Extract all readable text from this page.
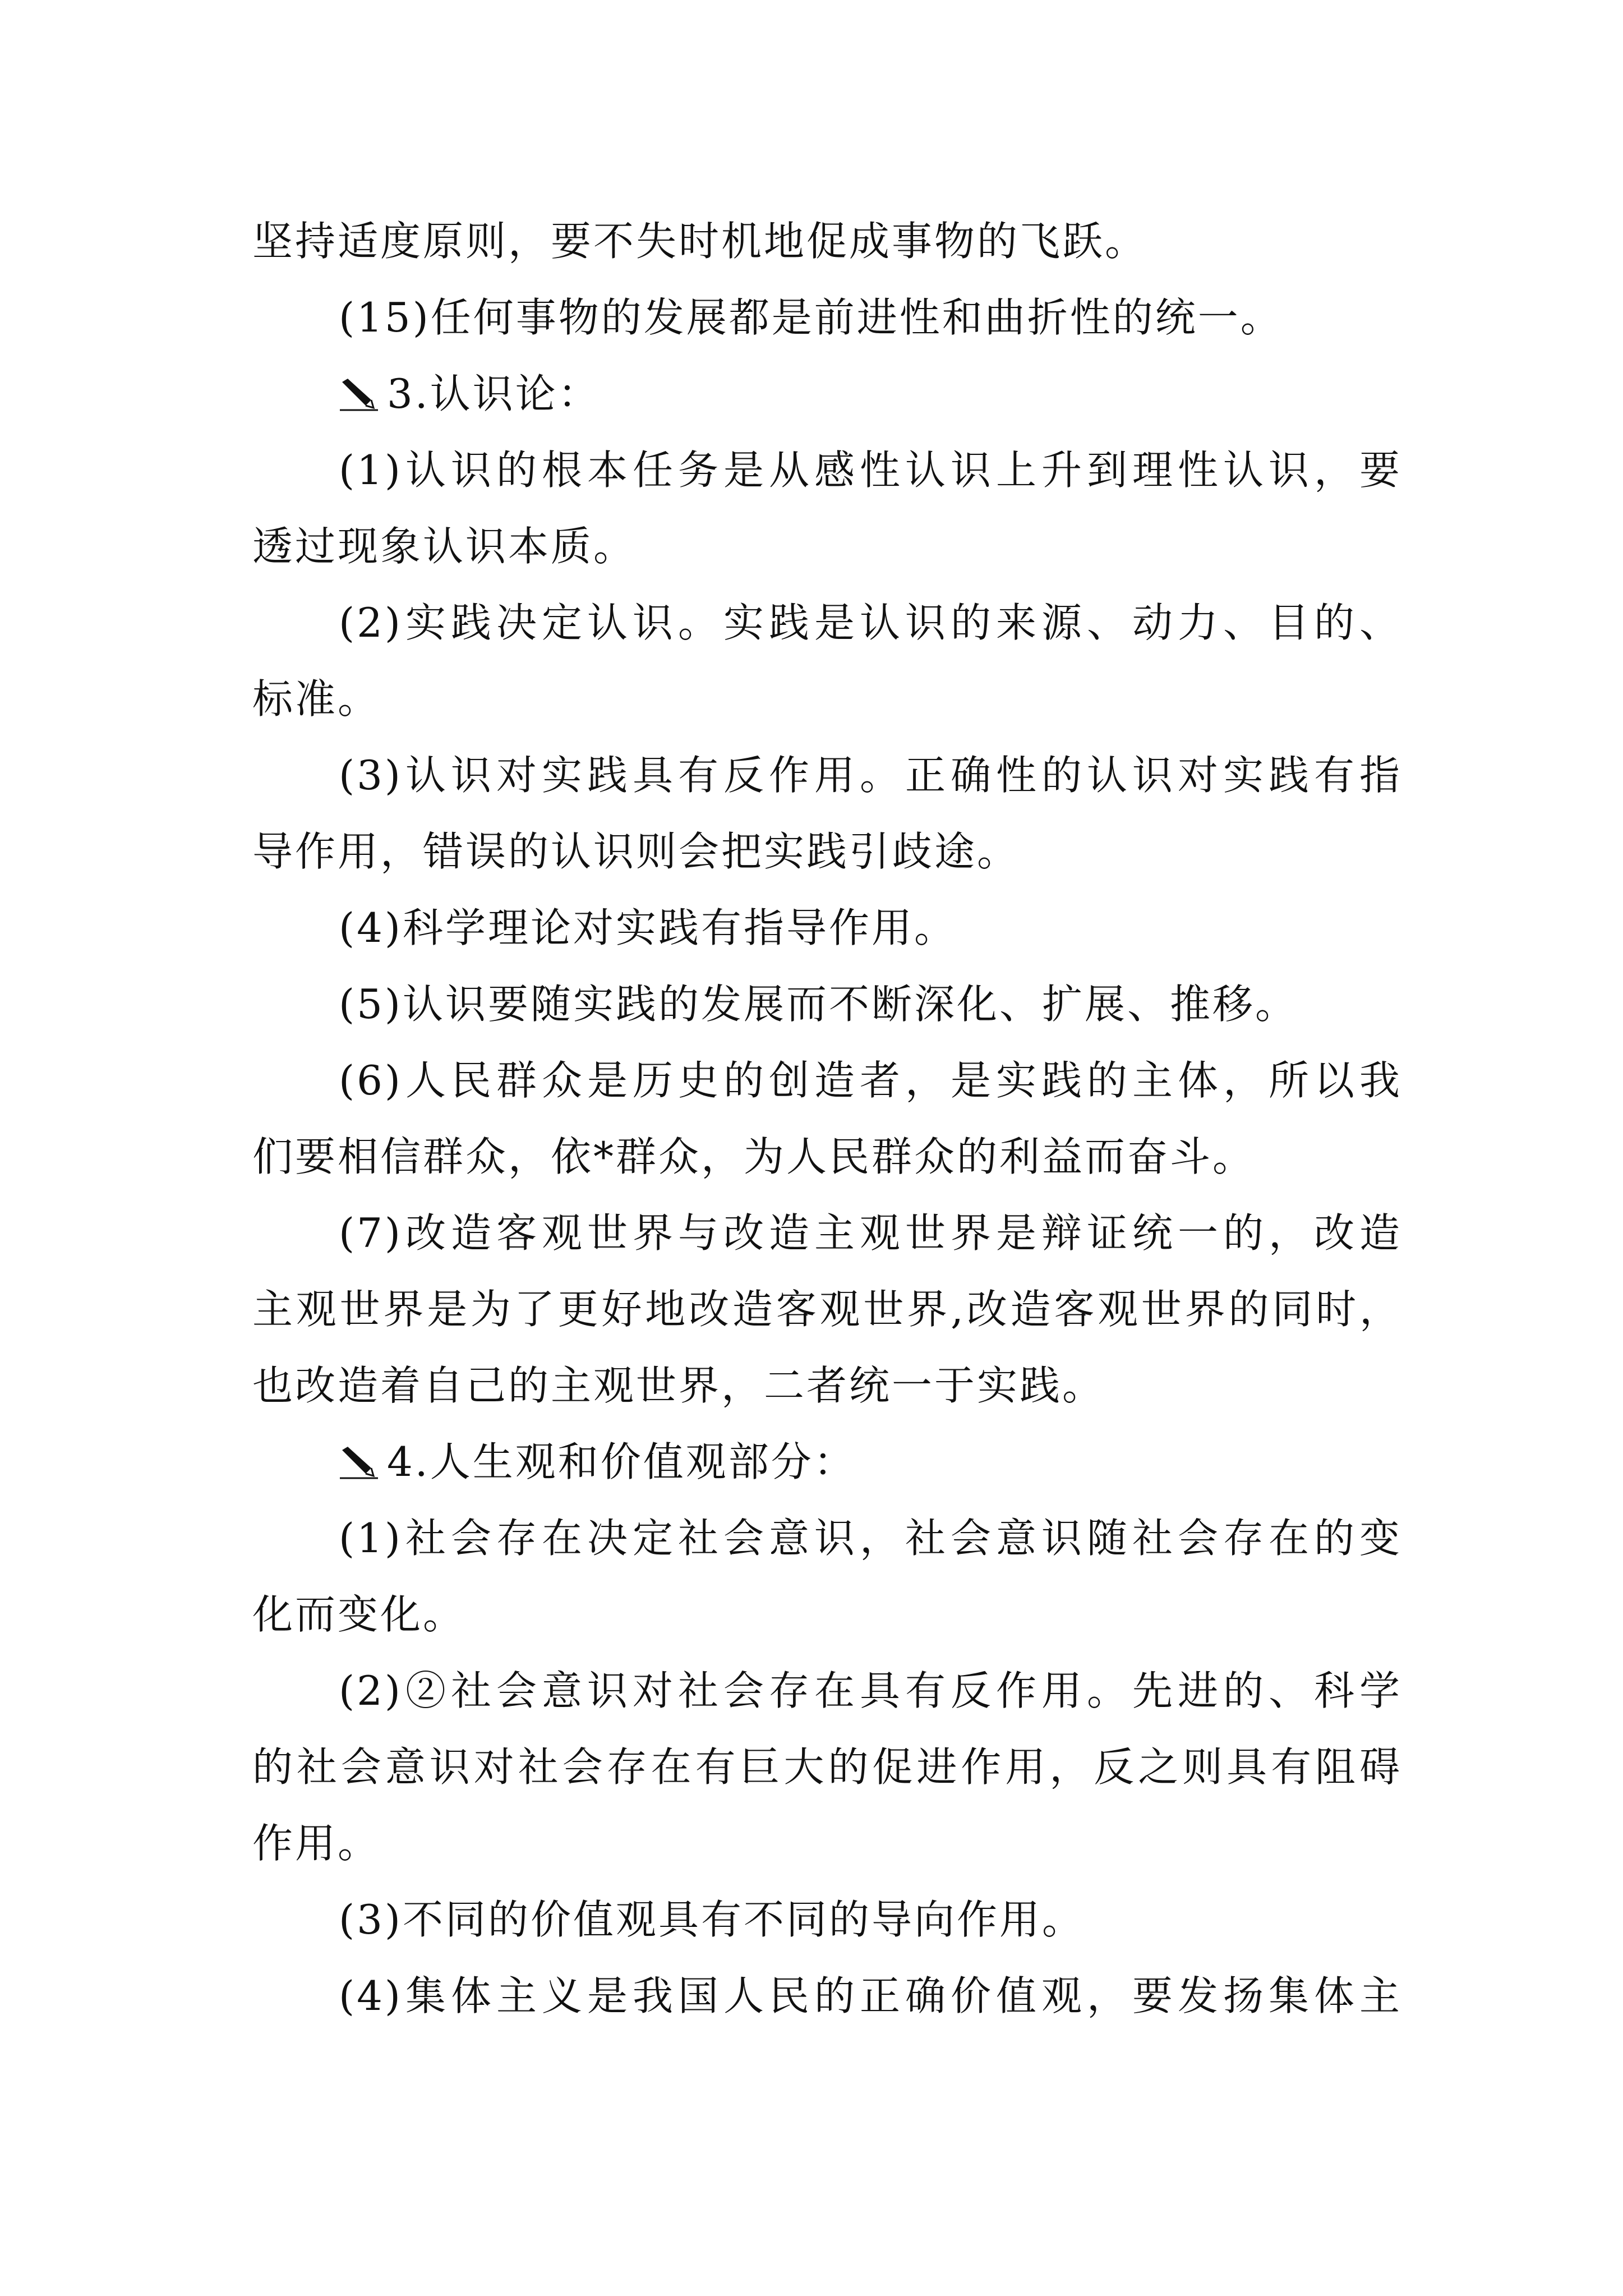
坚持适度原则，要不失时机地促成事物的飞跃。
(15)任何事物的发展都是前进性和曲折性的统一。
3.认识论：
(1)认识的根本任务是从感性认识上升到理性认识，要
透过现象认识本质。
(2)实践决定认识。实践是认识的来源、动力、目的、
标准。
(3)认识对实践具有反作用。正确性的认识对实践有指
导作用，错误的认识则会把实践引歧途。
(4)科学理论对实践有指导作用。
(5)认识要随实践的发展而不断深化、扩展、推移。
(6)人民群众是历史的创造者，是实践的主体，所以我
们要相信群众，依*群众，为人民群众的利益而奋斗。
(7)改造客观世界与改造主观世界是辩证统一的，改造
主观世界是为了更好地改造客观世界,改造客观世界的同时，
也改造着自己的主观世界，二者统一于实践。
4.人生观和价值观部分：
(1)社会存在决定社会意识，社会意识随社会存在的变
化而变化。
(2)②社会意识对社会存在具有反作用。先进的、科学
的社会意识对社会存在有巨大的促进作用，反之则具有阻碍
作用。
(3)不同的价值观具有不同的导向作用。
(4)集体主义是我国人民的正确价值观，要发扬集体主
